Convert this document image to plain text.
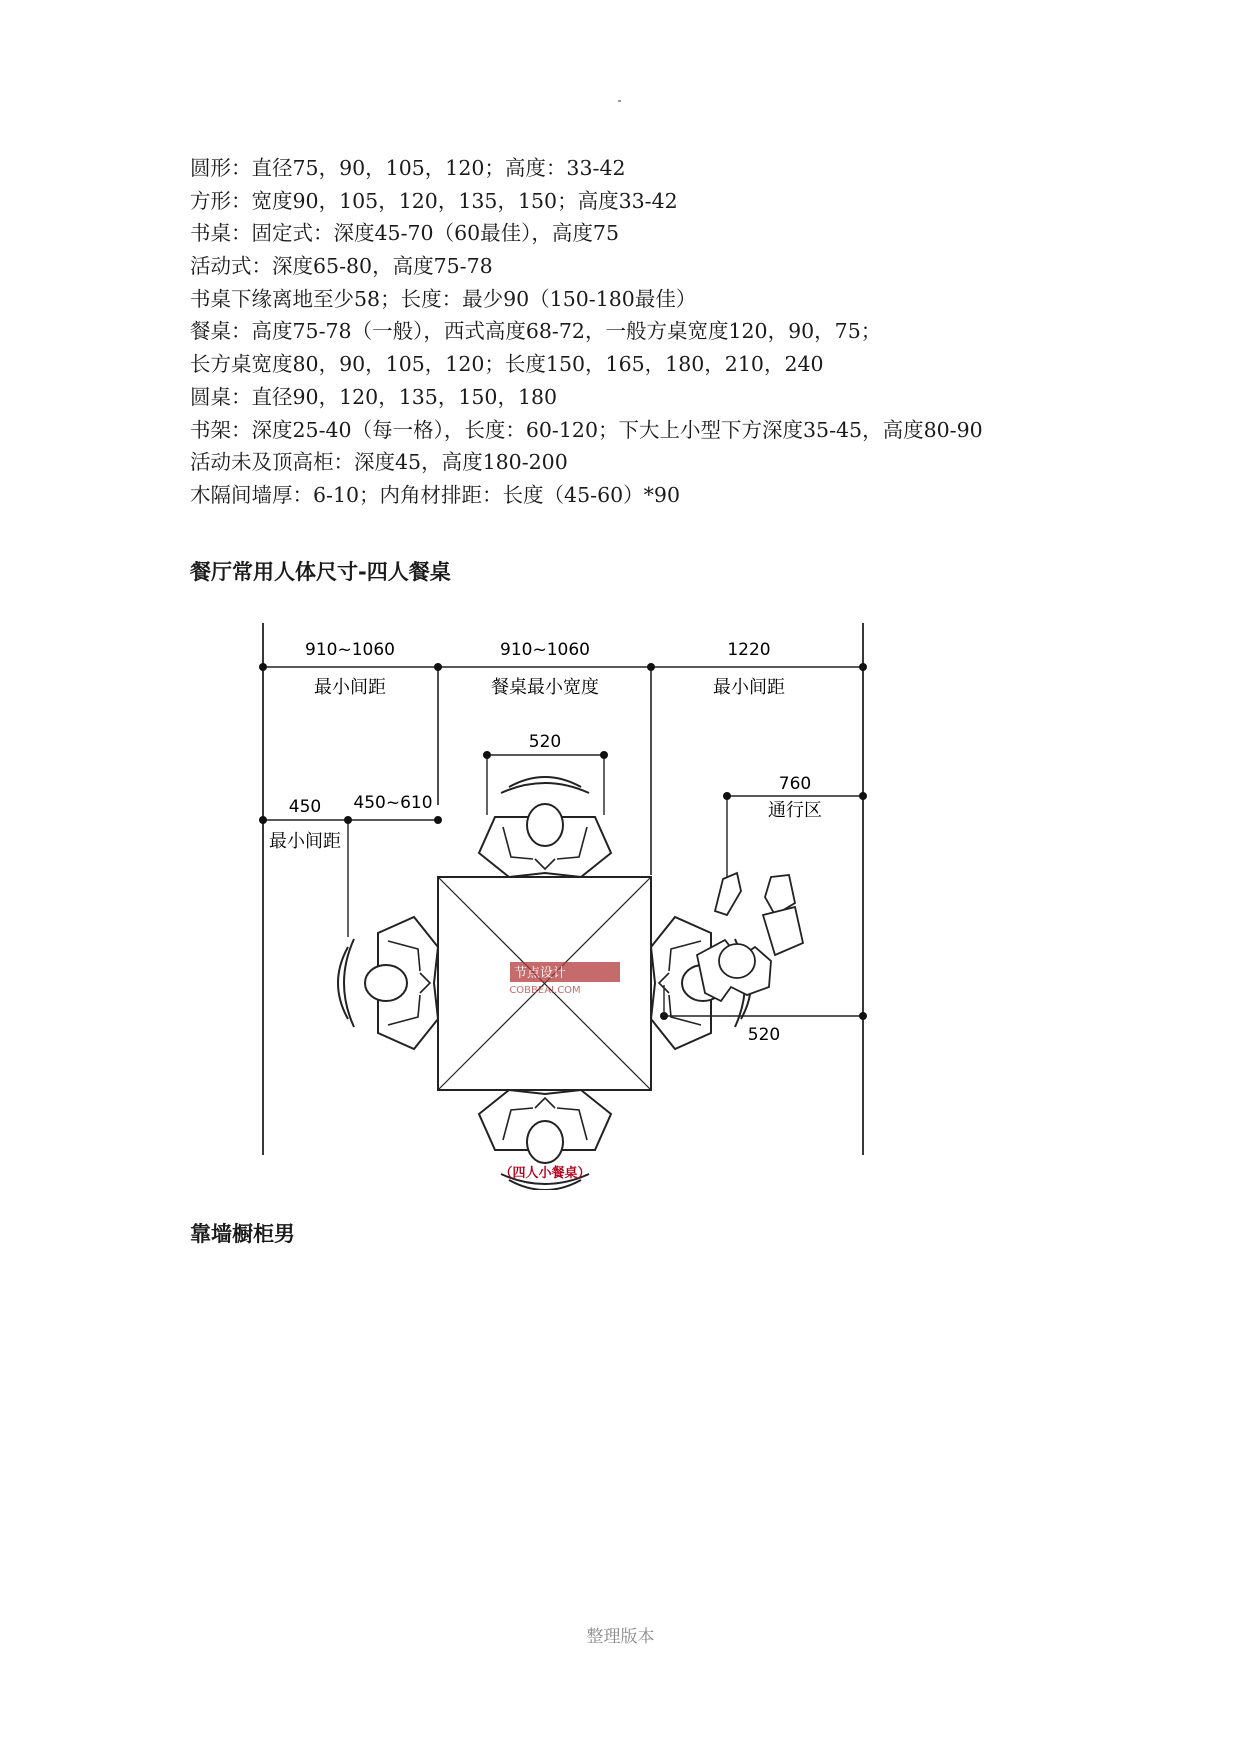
圆形：直径75，90，105，120；高度：33-42
方形：宽度90，105，120，135，150；高度33-42
书桌：固定式：深度45-70（60最佳），高度75
活动式：深度65-80，高度75-78
书桌下缘离地至少58；长度：最少90（150-180最佳）
餐桌：高度75-78（一般），西式高度68-72，一般方桌宽度120，90，75；
长方桌宽度80，90，105，120；长度150，165，180，210，240
圆桌：直径90，120，135，150，180
书架：深度25-40（每一格），长度：60-120；下大上小型下方深度35-45，高度80-90
活动未及顶高柜：深度45，高度180-200
木隔间墙厚：6-10；内角材排距：长度（45-60）*90
餐厅常用人体尺寸-四人餐桌
910~1060	910~1060	1220
最小间距	餐桌最小宽度	最小间距
520
760
通行区
450 450~610
最小间距
520
节点设计
COBBEAI.COM
（四人小餐桌）
靠墙橱柜男
整理版本
